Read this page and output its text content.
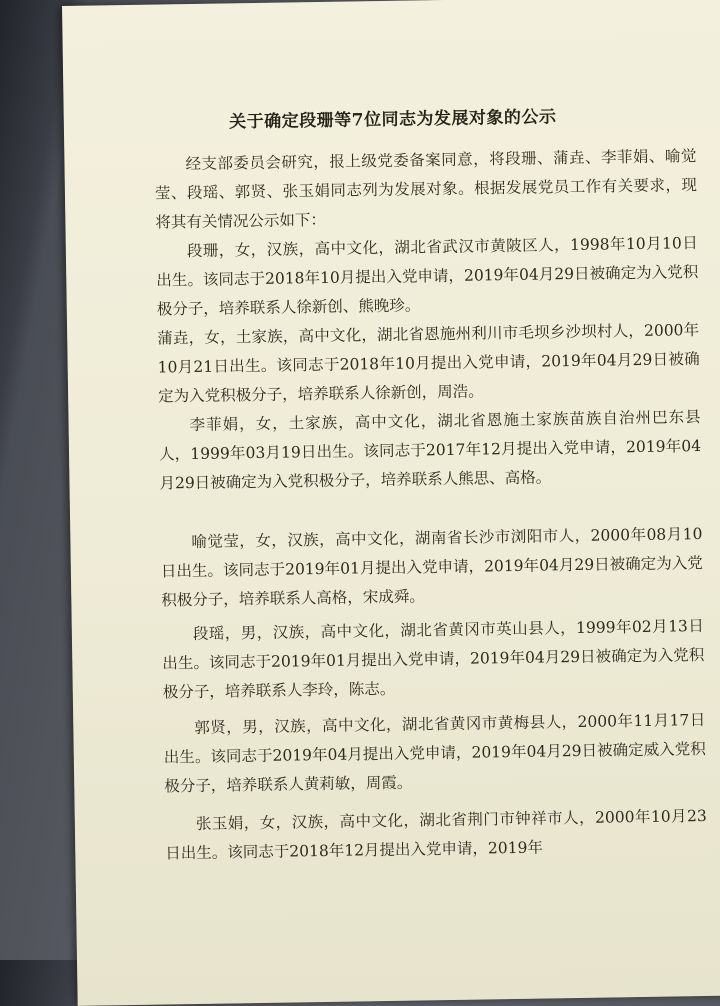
关于确定段珊等7位同志为发展对象的公示

经支部委员会研究，报上级党委备案同意，将段珊、蒲垚、李菲娟、喻觉莹、段瑶、郭贤、张玉娟同志列为发展对象。根据发展党员工作有关要求，现将其有关情况公示如下：

段珊，女，汉族，高中文化，湖北省武汉市黄陂区人，1998年10月10日出生。该同志于2018年10月提出入党申请，2019年04月29日被确定为入党积极分子，培养联系人徐新创、熊晚珍。

蒲垚，女，土家族，高中文化，湖北省恩施州利川市毛坝乡沙坝村人，2000年10月21日出生。该同志于2018年10月提出入党申请，2019年04月29日被确定为入党积极分子，培养联系人徐新创，周浩。

李菲娟，女，土家族，高中文化，湖北省恩施土家族苗族自治州巴东县人，1999年03月19日出生。该同志于2017年12月提出入党申请，2019年04月29日被确定为入党积极分子，培养联系人熊思、高格。

喻觉莹，女，汉族，高中文化，湖南省长沙市浏阳市人，2000年08月10日出生。该同志于2019年01月提出入党申请，2019年04月29日被确定为入党积极分子，培养联系人高格，宋成舜。

段瑶，男，汉族，高中文化，湖北省黄冈市英山县人，1999年02月13日出生。该同志于2019年01月提出入党申请，2019年04月29日被确定为入党积极分子，培养联系人李玲，陈志。

郭贤，男，汉族，高中文化，湖北省黄冈市黄梅县人，2000年11月17日出生。该同志于2019年04月提出入党申请，2019年04月29日被确定威入党积极分子，培养联系人黄莉敏，周霞。

张玉娟，女，汉族，高中文化，湖北省荆门市钟祥市人，2000年10月23日出生。该同志于2018年12月提出入党申请，2019年
